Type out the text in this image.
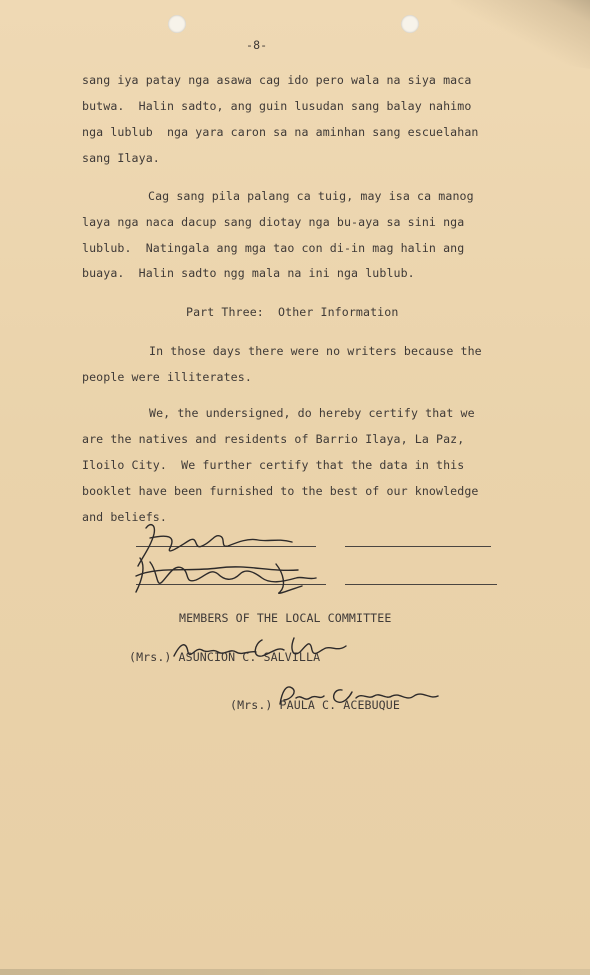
-8-
sang iya patay nga asawa cag ido pero wala na siya maca
butwa.  Halin sadto, ang guin lusudan sang balay nahimo
nga lublub  nga yara caron sa na aminhan sang escuelahan
sang Ilaya.
Cag sang pila palang ca tuig, may isa ca manog
laya nga naca dacup sang diotay nga bu-aya sa sini nga
lublub.  Natingala ang mga tao con di-in mag halin ang
buaya.  Halin sadto ngg mala na ini nga lublub.
Part Three:  Other Information
In those days there were no writers because the
people were illiterates.
We, the undersigned, do hereby certify that we
are the natives and residents of Barrio Ilaya, La Paz,
Iloilo City.  We further certify that the data in this
booklet have been furnished to the best of our knowledge
and beliefs.
MEMBERS OF THE LOCAL COMMITTEE
(Mrs.) ASUNCION C. SALVILLA
(Mrs.) PAULA C. ACEBUQUE
